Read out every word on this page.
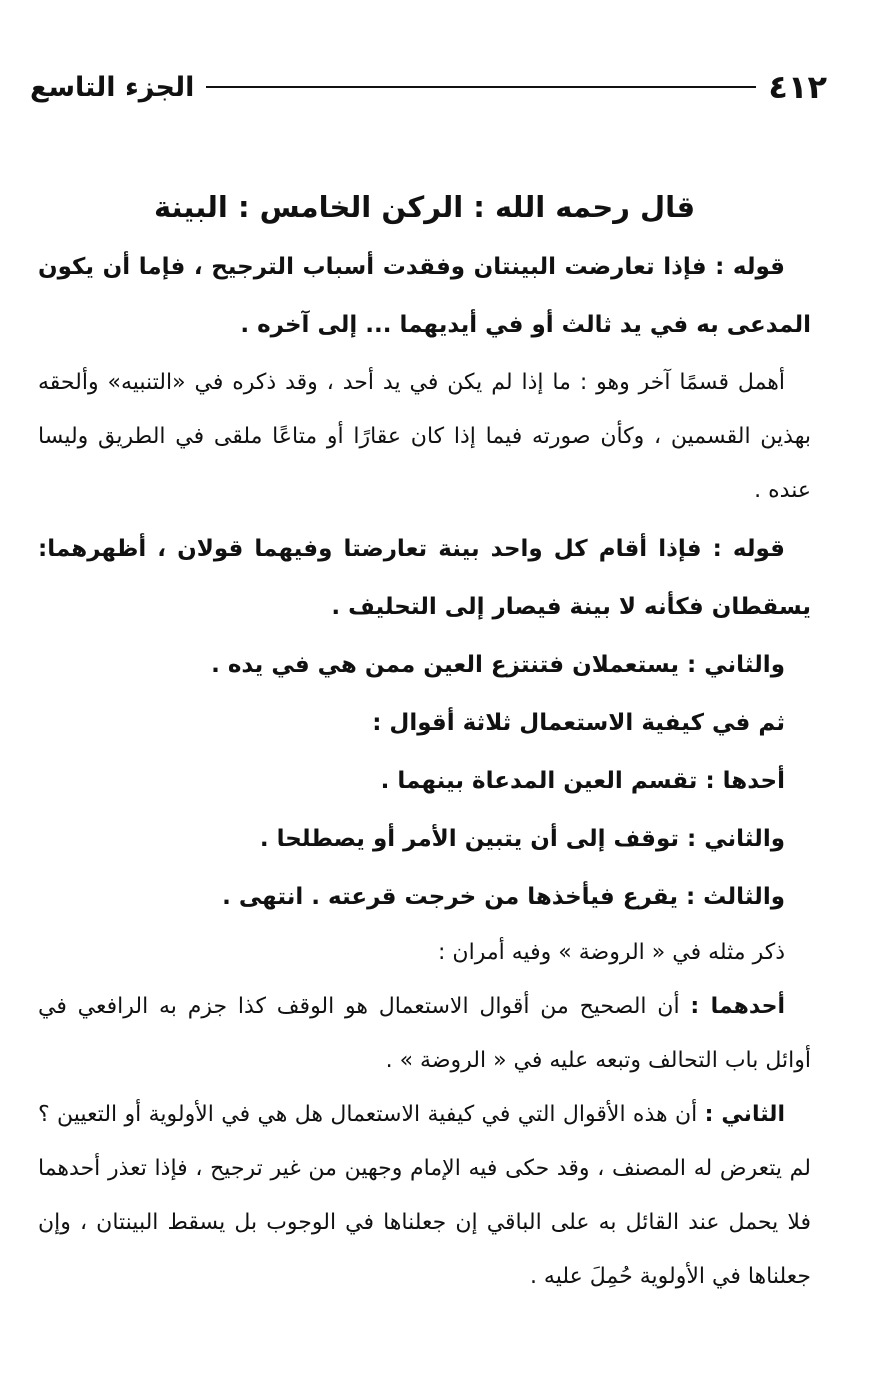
٤١٢
الجزء التاسع
قال رحمه الله : الركن الخامس : البينة

قوله : فإذا تعارضت البينتان وفقدت أسباب الترجيح ، فإما أن يكون المدعى به في يد ثالث أو في أيديهما ... إلى آخره .

أهمل قسمًا آخر وهو : ما إذا لم يكن في يد أحد ، وقد ذكره في «التنبيه» وألحقه بهذين القسمين ، وكأن صورته فيما إذا كان عقارًا أو متاعًا ملقى في الطريق وليسا عنده .

قوله : فإذا أقام كل واحد بينة تعارضتا وفيهما قولان ، أظهرهما: يسقطان فكأنه لا بينة فيصار إلى التحليف .

والثاني : يستعملان فتنتزع العين ممن هي في يده .

ثم في كيفية الاستعمال ثلاثة أقوال :

أحدها : تقسم العين المدعاة بينهما .

والثاني : توقف إلى أن يتبين الأمر أو يصطلحا .

والثالث : يقرع فيأخذها من خرجت قرعته . انتهى .

ذكر مثله في « الروضة » وفيه أمران :

أحدهما : أن الصحيح من أقوال الاستعمال هو الوقف كذا جزم به الرافعي في أوائل باب التحالف وتبعه عليه في « الروضة » .

الثاني : أن هذه الأقوال التي في كيفية الاستعمال هل هي في الأولوية أو التعيين ؟ لم يتعرض له المصنف ، وقد حكى فيه الإمام وجهين من غير ترجيح ، فإذا تعذر أحدهما فلا يحمل عند القائل به على الباقي إن جعلناها في الوجوب بل يسقط البينتان ، وإن جعلناها في الأولوية حُمِلَ عليه .
